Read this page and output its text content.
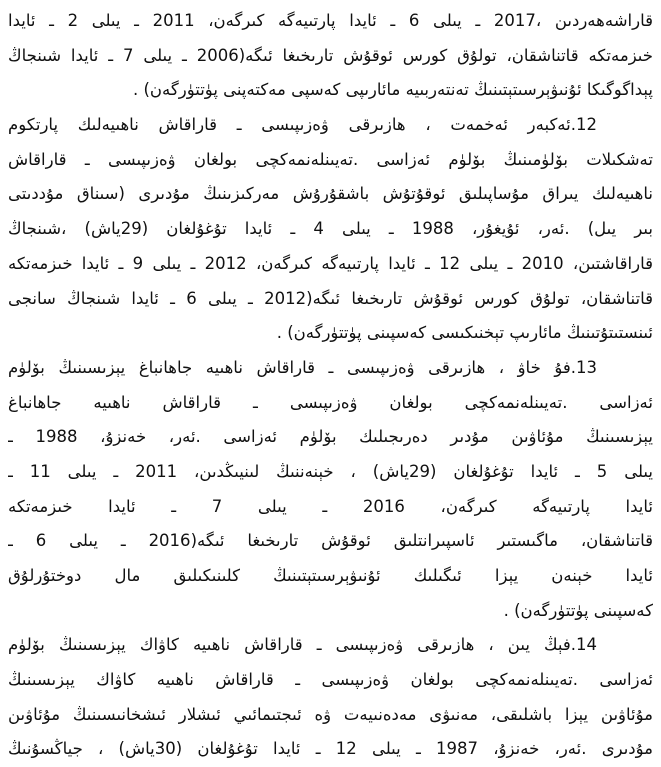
قاراشەھەردىن ،2017 ـ يىلى 6 ـ ئايدا پارتىيەگە كىرگەن، 2011 ـ يىلى 2 ـ ئايدا
خىزمەتكە قاتناشقان، تولۇق كورس ئوقۇش تارىخىغا ئىگە(2006 ـ يىلى 7 ـ ئايدا شىنجاڭ
پېداگوگىكا ئۇنىۋېرسىتېتىنىڭ تەنتەربىيە مائارىپى كەسپى مەكتەپنى پۈتتۈرگەن) .
12.ئەكبەر ئەخمەت ، ھازىرقى ۋەزىپىسى ـ قاراقاش ناھىيەلىك پارتكوم
تەشكىلات بۆلۈمىنىڭ بۆلۈم ئەزاسى .تەيىنلەنمەكچى بولغان ۋەزىپىسى ـ قاراقاش
ناھىيەلىك يىراق مۇساپىلىق ئوقۇتۇش باشقۇرۇش مەركىزىنىڭ مۇدىرى (سىناق مۇددىتى
بىر يىل) .ئەر، ئۇيغۇر، 1988 ـ يىلى 4 ـ ئايدا تۇغۇلغان (29ياش) ،شىنجاڭ
قاراقاشتىن، 2010 ـ يىلى 12 ـ ئايدا پارتىيەگە كىرگەن، 2012 ـ يىلى 9 ـ ئايدا خىزمەتكە
قاتناشقان، تولۇق كورس ئوقۇش تارىخىغا ئىگە(2012 ـ يىلى 6 ـ ئايدا شىنجاڭ سانجى
ئىنستىتۇتىنىڭ مائارىپ تېخنىكىسى كەسپىنى پۈتتۈرگەن) .
13.فۇ خاۋ ، ھازىرقى ۋەزىپىسى ـ قاراقاش ناھىيە جاھانباغ يېزىسىنىڭ بۆلۈم
ئەزاسى .تەيىنلەنمەكچى بولغان ۋەزىپىسى ـ قاراقاش ناھىيە جاھانباغ
يېزىسىنىڭ مۇئاۋىن مۇدىر دەرىجىلىك بۆلۈم ئەزاسى .ئەر، خەنزۇ، 1988 ـ
يىلى 5 ـ ئايدا تۇغۇلغان (29ياش) ، خېنەننىڭ لىنيىڭدىن، 2011 ـ يىلى 11 ـ
ئايدا پارتىيەگە كىرگەن، 2016 ـ يىلى 7 ـ ئايدا خىزمەتكە
قاتناشقان، ماگىستىر ئاسپىرانتلىق ئوقۇش تارىخىغا ئىگە(2016 ـ يىلى 6 ـ
ئايدا خېنەن يېزا ئىگىلىك ئۇنىۋېرسىتېتىنىڭ كلىنىكىلىق مال دوختۇرلۇق
كەسپىنى پۈتتۈرگەن) .
14.فېڭ يىن ، ھازىرقى ۋەزىپىسى ـ قاراقاش ناھىيە كاۋاك يېزىسىنىڭ بۆلۈم
ئەزاسى .تەيىنلەنمەكچى بولغان ۋەزىپىسى ـ قاراقاش ناھىيە كاۋاك يېزىسىنىڭ
مۇئاۋىن يېزا باشلىقى، مەنىۋى مەدەنىيەت ۋە ئىجتىمائىي ئىشلار ئىشخانىسىنىڭ مۇئاۋىن
مۇدىرى .ئەر، خەنزۇ، 1987 ـ يىلى 12 ـ ئايدا تۇغۇلغان (30ياش) ، جياڭسۇنىڭ
